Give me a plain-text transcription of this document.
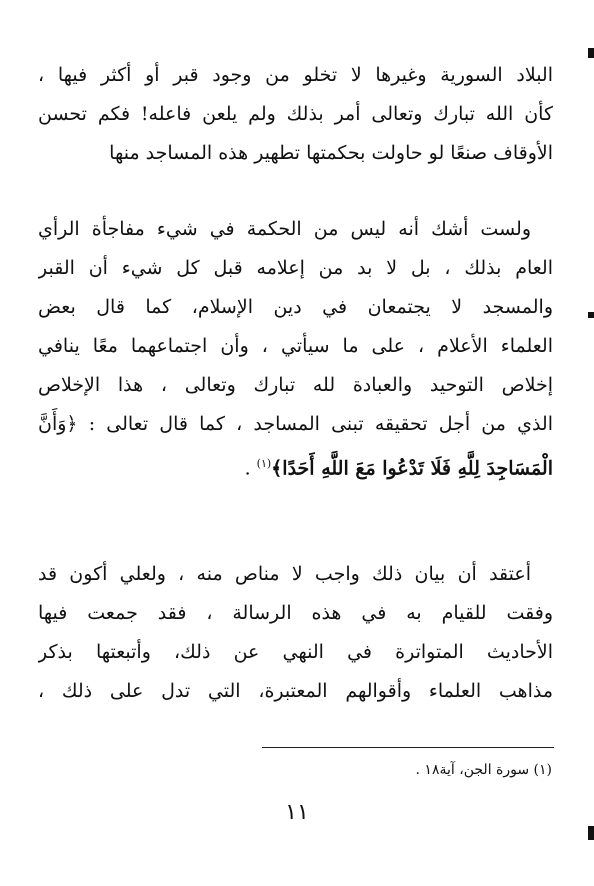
البلاد السورية وغيرها لا تخلو من وجود قبر أو أكثر فيها ،
كأن الله تبارك وتعالى أمر بذلك ولم يلعن فاعله! فكم تحسن
الأوقاف صنعًا لو حاولت بحكمتها تطهير هذه المساجد منها
ولست أشك أنه ليس من الحكمة في شيء مفاجأة الرأي
العام بذلك ، بل لا بد من إعلامه قبل كل شيء أن القبر
والمسجد لا يجتمعان في دين الإسلام، كما قال بعض
العلماء الأعلام ، على ما سيأتي ، وأن اجتماعهما معًا ينافي
إخلاص التوحيد والعبادة لله تبارك وتعالى ، هذا الإخلاص
الذي من أجل تحقيقه تبنى المساجد ، كما قال تعالى : ﴿وَأَنَّ
الْمَسَاجِدَ لِلَّهِ فَلَا تَدْعُوا مَعَ اللَّهِ أَحَدًا﴾$^{(١)}$ .
أعتقد أن بيان ذلك واجب لا مناص منه ، ولعلي أكون قد
وفقت للقيام به في هذه الرسالة ، فقد جمعت فيها
الأحاديث المتواترة في النهي عن ذلك، وأتبعتها بذكر
مذاهب العلماء وأقوالهم المعتبرة، التي تدل على ذلك ،
(١) سورة الجن، آية١٨ .
١١
